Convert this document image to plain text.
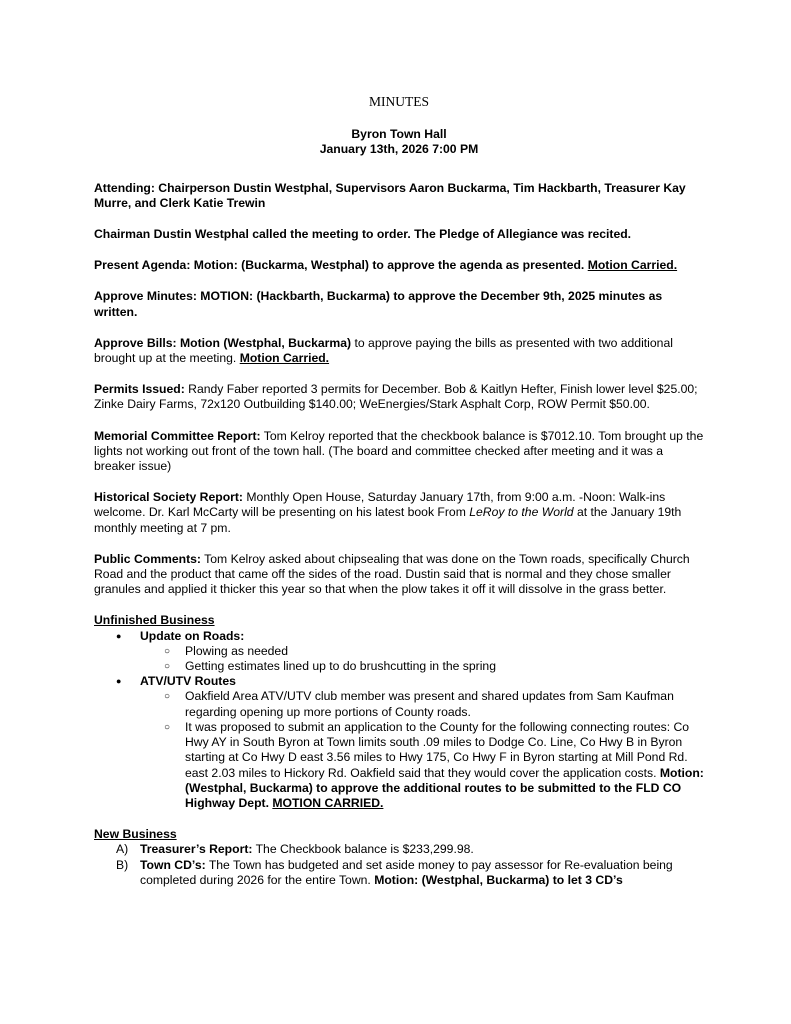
MINUTES

Byron Town Hall

January 13th, 2026 7:00 PM

Attending: Chairperson Dustin Westphal, Supervisors Aaron Buckarma, Tim Hackbarth, Treasurer Kay Murre, and Clerk Katie Trewin

Chairman Dustin Westphal called the meeting to order. The Pledge of Allegiance was recited.

Present Agenda: Motion: (Buckarma, Westphal) to approve the agenda as presented. Motion Carried.

Approve Minutes: MOTION: (Hackbarth, Buckarma) to approve the December 9th, 2025 minutes as written.

Approve Bills: Motion (Westphal, Buckarma) to approve paying the bills as presented with two additional brought up at the meeting. Motion Carried.

Permits Issued: Randy Faber reported 3 permits for December. Bob & Kaitlyn Hefter, Finish lower level $25.00; Zinke Dairy Farms, 72x120 Outbuilding $140.00; WeEnergies/Stark Asphalt Corp, ROW Permit $50.00.

Memorial Committee Report: Tom Kelroy reported that the checkbook balance is $7012.10. Tom brought up the lights not working out front of the town hall. (The board and committee checked after meeting and it was a breaker issue)

Historical Society Report: Monthly Open House, Saturday January 17th, from 9:00 a.m. -Noon: Walk-ins welcome. Dr. Karl McCarty will be presenting on his latest book From LeRoy to the World at the January 19th monthly meeting at 7 pm.

Public Comments: Tom Kelroy asked about chipsealing that was done on the Town roads, specifically Church Road and the product that came off the sides of the road. Dustin said that is normal and they chose smaller granules and applied it thicker this year so that when the plow takes it off it will dissolve in the grass better.

Unfinished Business

● Update on Roads:
○ Plowing as needed
○ Getting estimates lined up to do brushcutting in the spring
● ATV/UTV Routes
○ Oakfield Area ATV/UTV club member was present and shared updates from Sam Kaufman regarding opening up more portions of County roads.
○ It was proposed to submit an application to the County for the following connecting routes: Co Hwy AY in South Byron at Town limits south .09 miles to Dodge Co. Line, Co Hwy B in Byron starting at Co Hwy D east 3.56 miles to Hwy 175, Co Hwy F in Byron starting at Mill Pond Rd. east 2.03 miles to Hickory Rd. Oakfield said that they would cover the application costs. Motion: (Westphal, Buckarma) to approve the additional routes to be submitted to the FLD CO Highway Dept. MOTION CARRIED.

New Business

A) Treasurer’s Report: The Checkbook balance is $233,299.98.
B) Town CD’s: The Town has budgeted and set aside money to pay assessor for Re-evaluation being completed during 2026 for the entire Town. Motion: (Westphal, Buckarma) to let 3 CD’s
